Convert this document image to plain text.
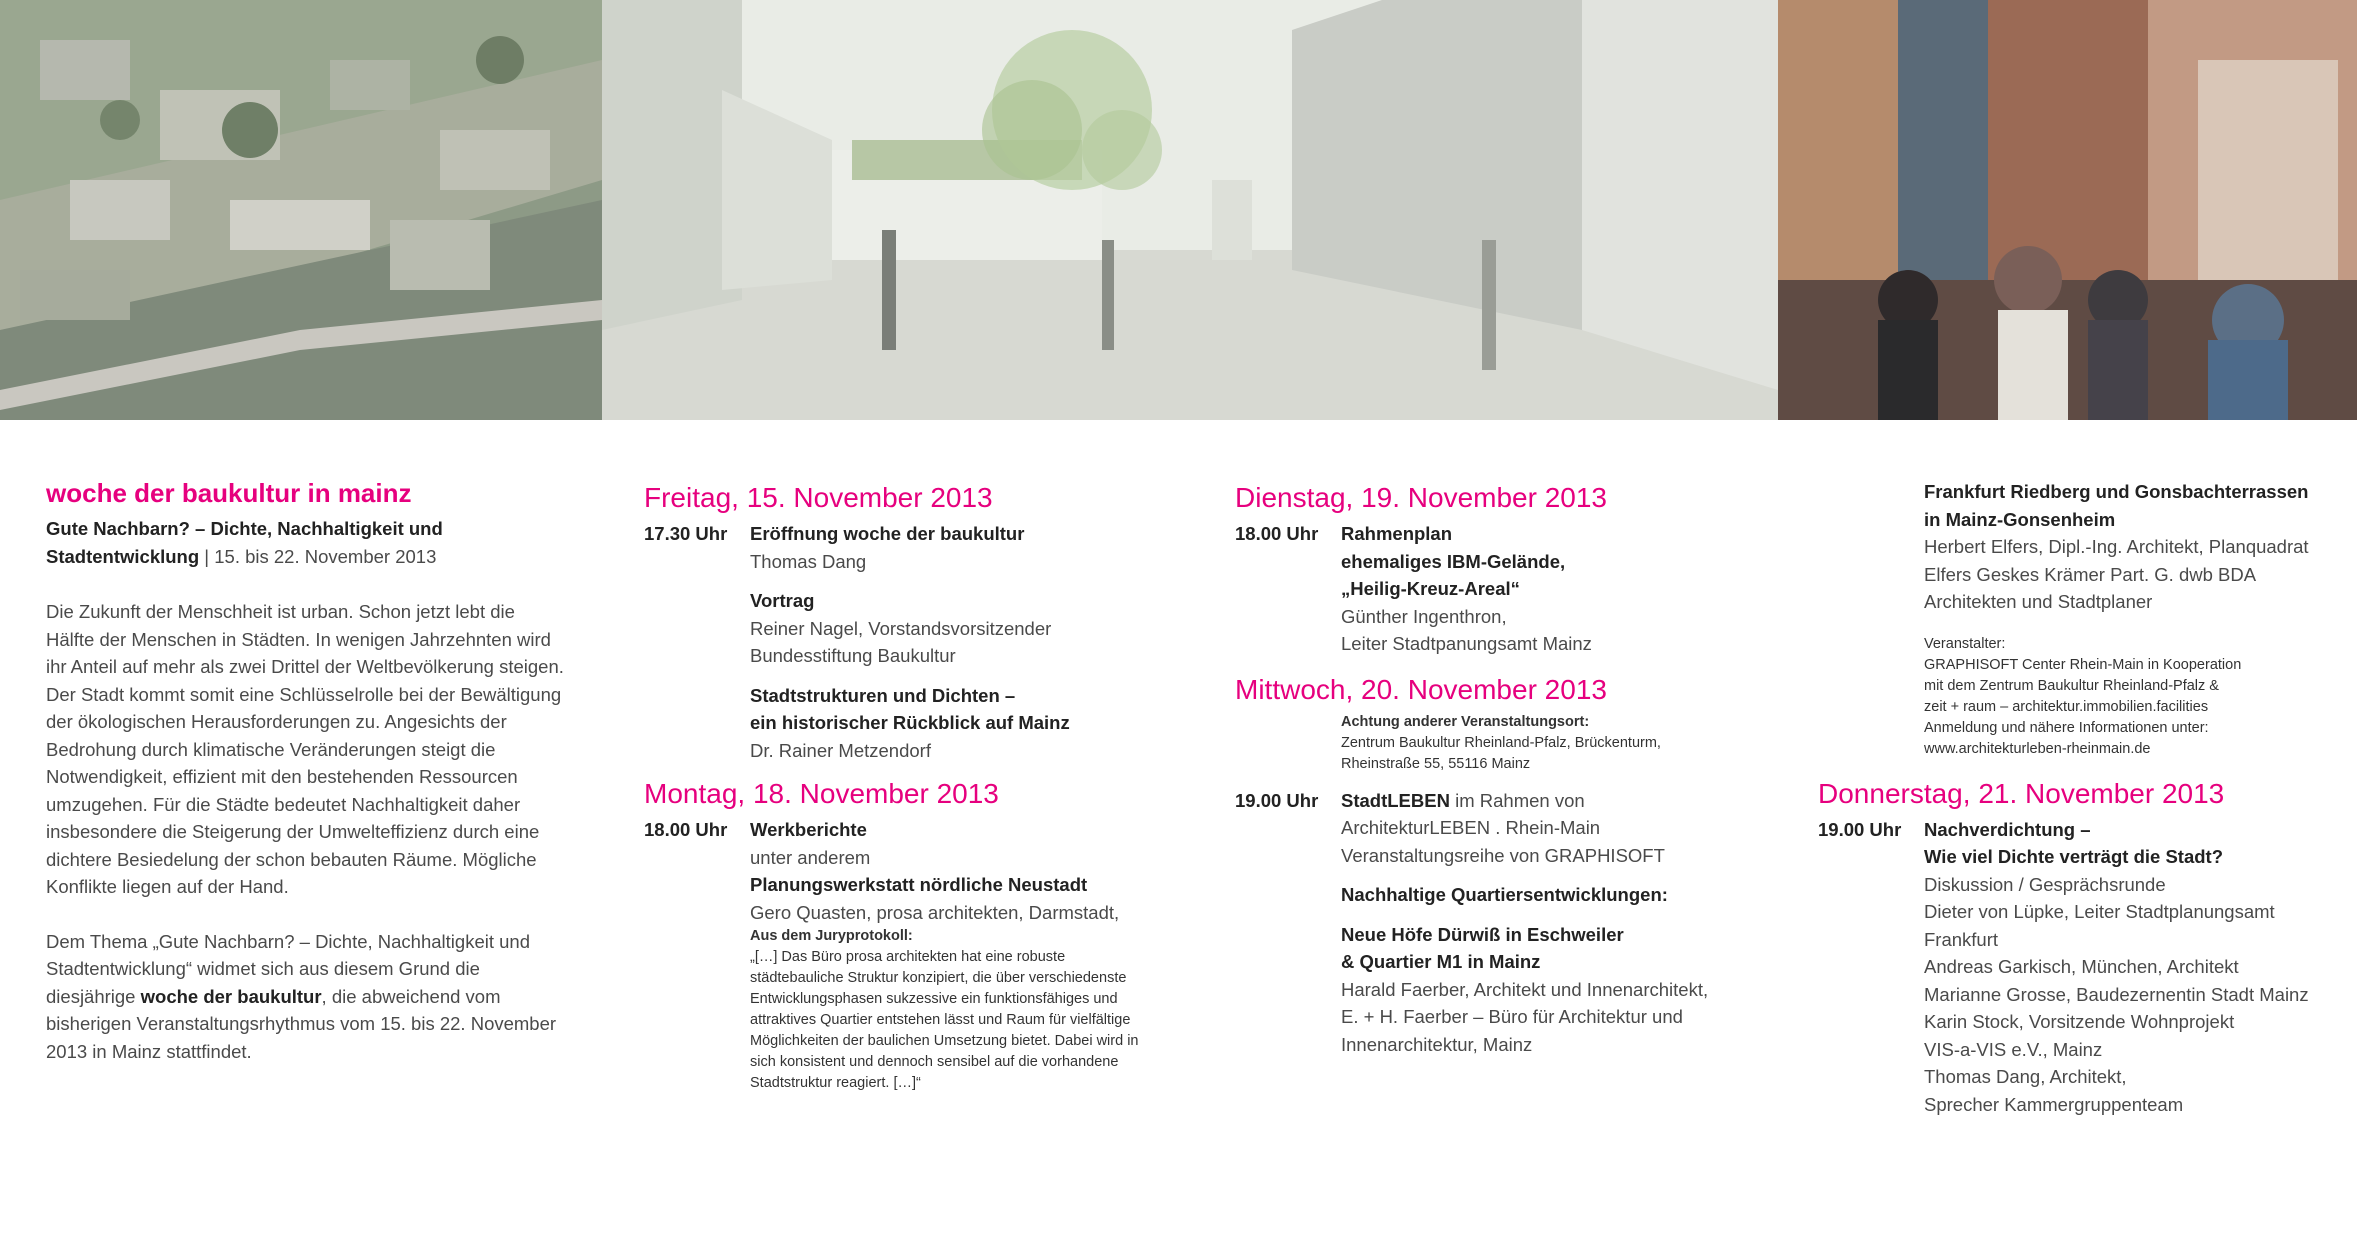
woche der baukultur in mainz

Gute Nachbarn? – Dichte, Nachhaltigkeit und Stadtentwicklung | 15. bis 22. November 2013

Die Zukunft der Menschheit ist urban. Schon jetzt lebt die Hälfte der Menschen in Städten. In wenigen Jahrzehnten wird ihr Anteil auf mehr als zwei Drittel der Weltbevölkerung steigen. Der Stadt kommt somit eine Schlüsselrolle bei der Bewältigung der ökologischen Herausforderungen zu. Angesichts der Bedrohung durch klimatische Veränderungen steigt die Notwendigkeit, effizient mit den bestehenden Ressourcen umzugehen. Für die Städte bedeutet Nachhaltigkeit daher insbesondere die Steigerung der Umwelteffizienz durch eine dichtere Besiedelung der schon bebauten Räume. Mögliche Konflikte liegen auf der Hand.

Dem Thema „Gute Nachbarn? – Dichte, Nachhaltigkeit und Stadtentwicklung“ widmet sich aus diesem Grund die diesjährige woche der baukultur, die abweichend vom bisherigen Veranstaltungsrhythmus vom 15. bis 22. November 2013 in Mainz stattfindet.

Freitag, 15. November 2013
17.30 Uhr	Eröffnung woche der baukultur

Thomas Dang

Vortrag

Reiner Nagel, Vorstandsvorsitzender

Bundesstiftung Baukultur

Stadtstrukturen und Dichten –

ein historischer Rückblick auf Mainz

Dr. Rainer Metzendorf

Montag, 18. November 2013
18.00 Uhr	Werkberichte

unter anderem

Planungswerkstatt nördliche Neustadt

Gero Quasten, prosa architekten, Darmstadt,

Aus dem Juryprotokoll:

„[…] Das Büro prosa architekten hat eine robuste städtebauliche Struktur konzipiert, die über verschiedenste Entwicklungsphasen sukzessive ein funktionsfähiges und attraktives Quartier entstehen lässt und Raum für vielfältige Möglichkeiten der baulichen Umsetzung bietet. Dabei wird in sich konsistent und dennoch sensibel auf die vorhandene Stadtstruktur reagiert. […]“

Dienstag, 19. November 2013
18.00 Uhr	Rahmenplan

ehemaliges IBM-Gelände,

„Heilig-Kreuz-Areal“

Günther Ingenthron,

Leiter Stadtpanungsamt Mainz

Mittwoch, 20. November 2013

Achtung anderer Veranstaltungsort:

Zentrum Baukultur Rheinland-Pfalz, Brückenturm,

Rheinstraße 55, 55116 Mainz

19.00 Uhr	StadtLEBEN im Rahmen von

ArchitekturLEBEN . Rhein-Main

Veranstaltungsreihe von GRAPHISOFT

Nachhaltige Quartiersentwicklungen:

Neue Höfe Dürwiß in Eschweiler

& Quartier M1 in Mainz

Harald Faerber, Architekt und Innenarchitekt,

E. + H. Faerber – Büro für Architektur und

Innenarchitektur, Mainz

Frankfurt Riedberg und Gonsbachterrassen

in Mainz-Gonsenheim

Herbert Elfers, Dipl.-Ing. Architekt, Planquadrat

Elfers Geskes Krämer Part. G. dwb BDA

Architekten und Stadtplaner

Veranstalter:

GRAPHISOFT Center Rhein-Main in Kooperation

mit dem Zentrum Baukultur Rheinland-Pfalz &

zeit + raum – architektur.immobilien.facilities

Anmeldung und nähere Informationen unter:

www.architekturleben-rheinmain.de

Donnerstag, 21. November 2013
19.00 Uhr	Nachverdichtung –

Wie viel Dichte verträgt die Stadt?

Diskussion / Gesprächsrunde

Dieter von Lüpke, Leiter Stadtplanungsamt

Frankfurt

Andreas Garkisch, München, Architekt

Marianne Grosse, Baudezernentin Stadt Mainz

Karin Stock, Vorsitzende Wohnprojekt

VIS-a-VIS e.V., Mainz

Thomas Dang, Architekt,

Sprecher Kammergruppenteam
